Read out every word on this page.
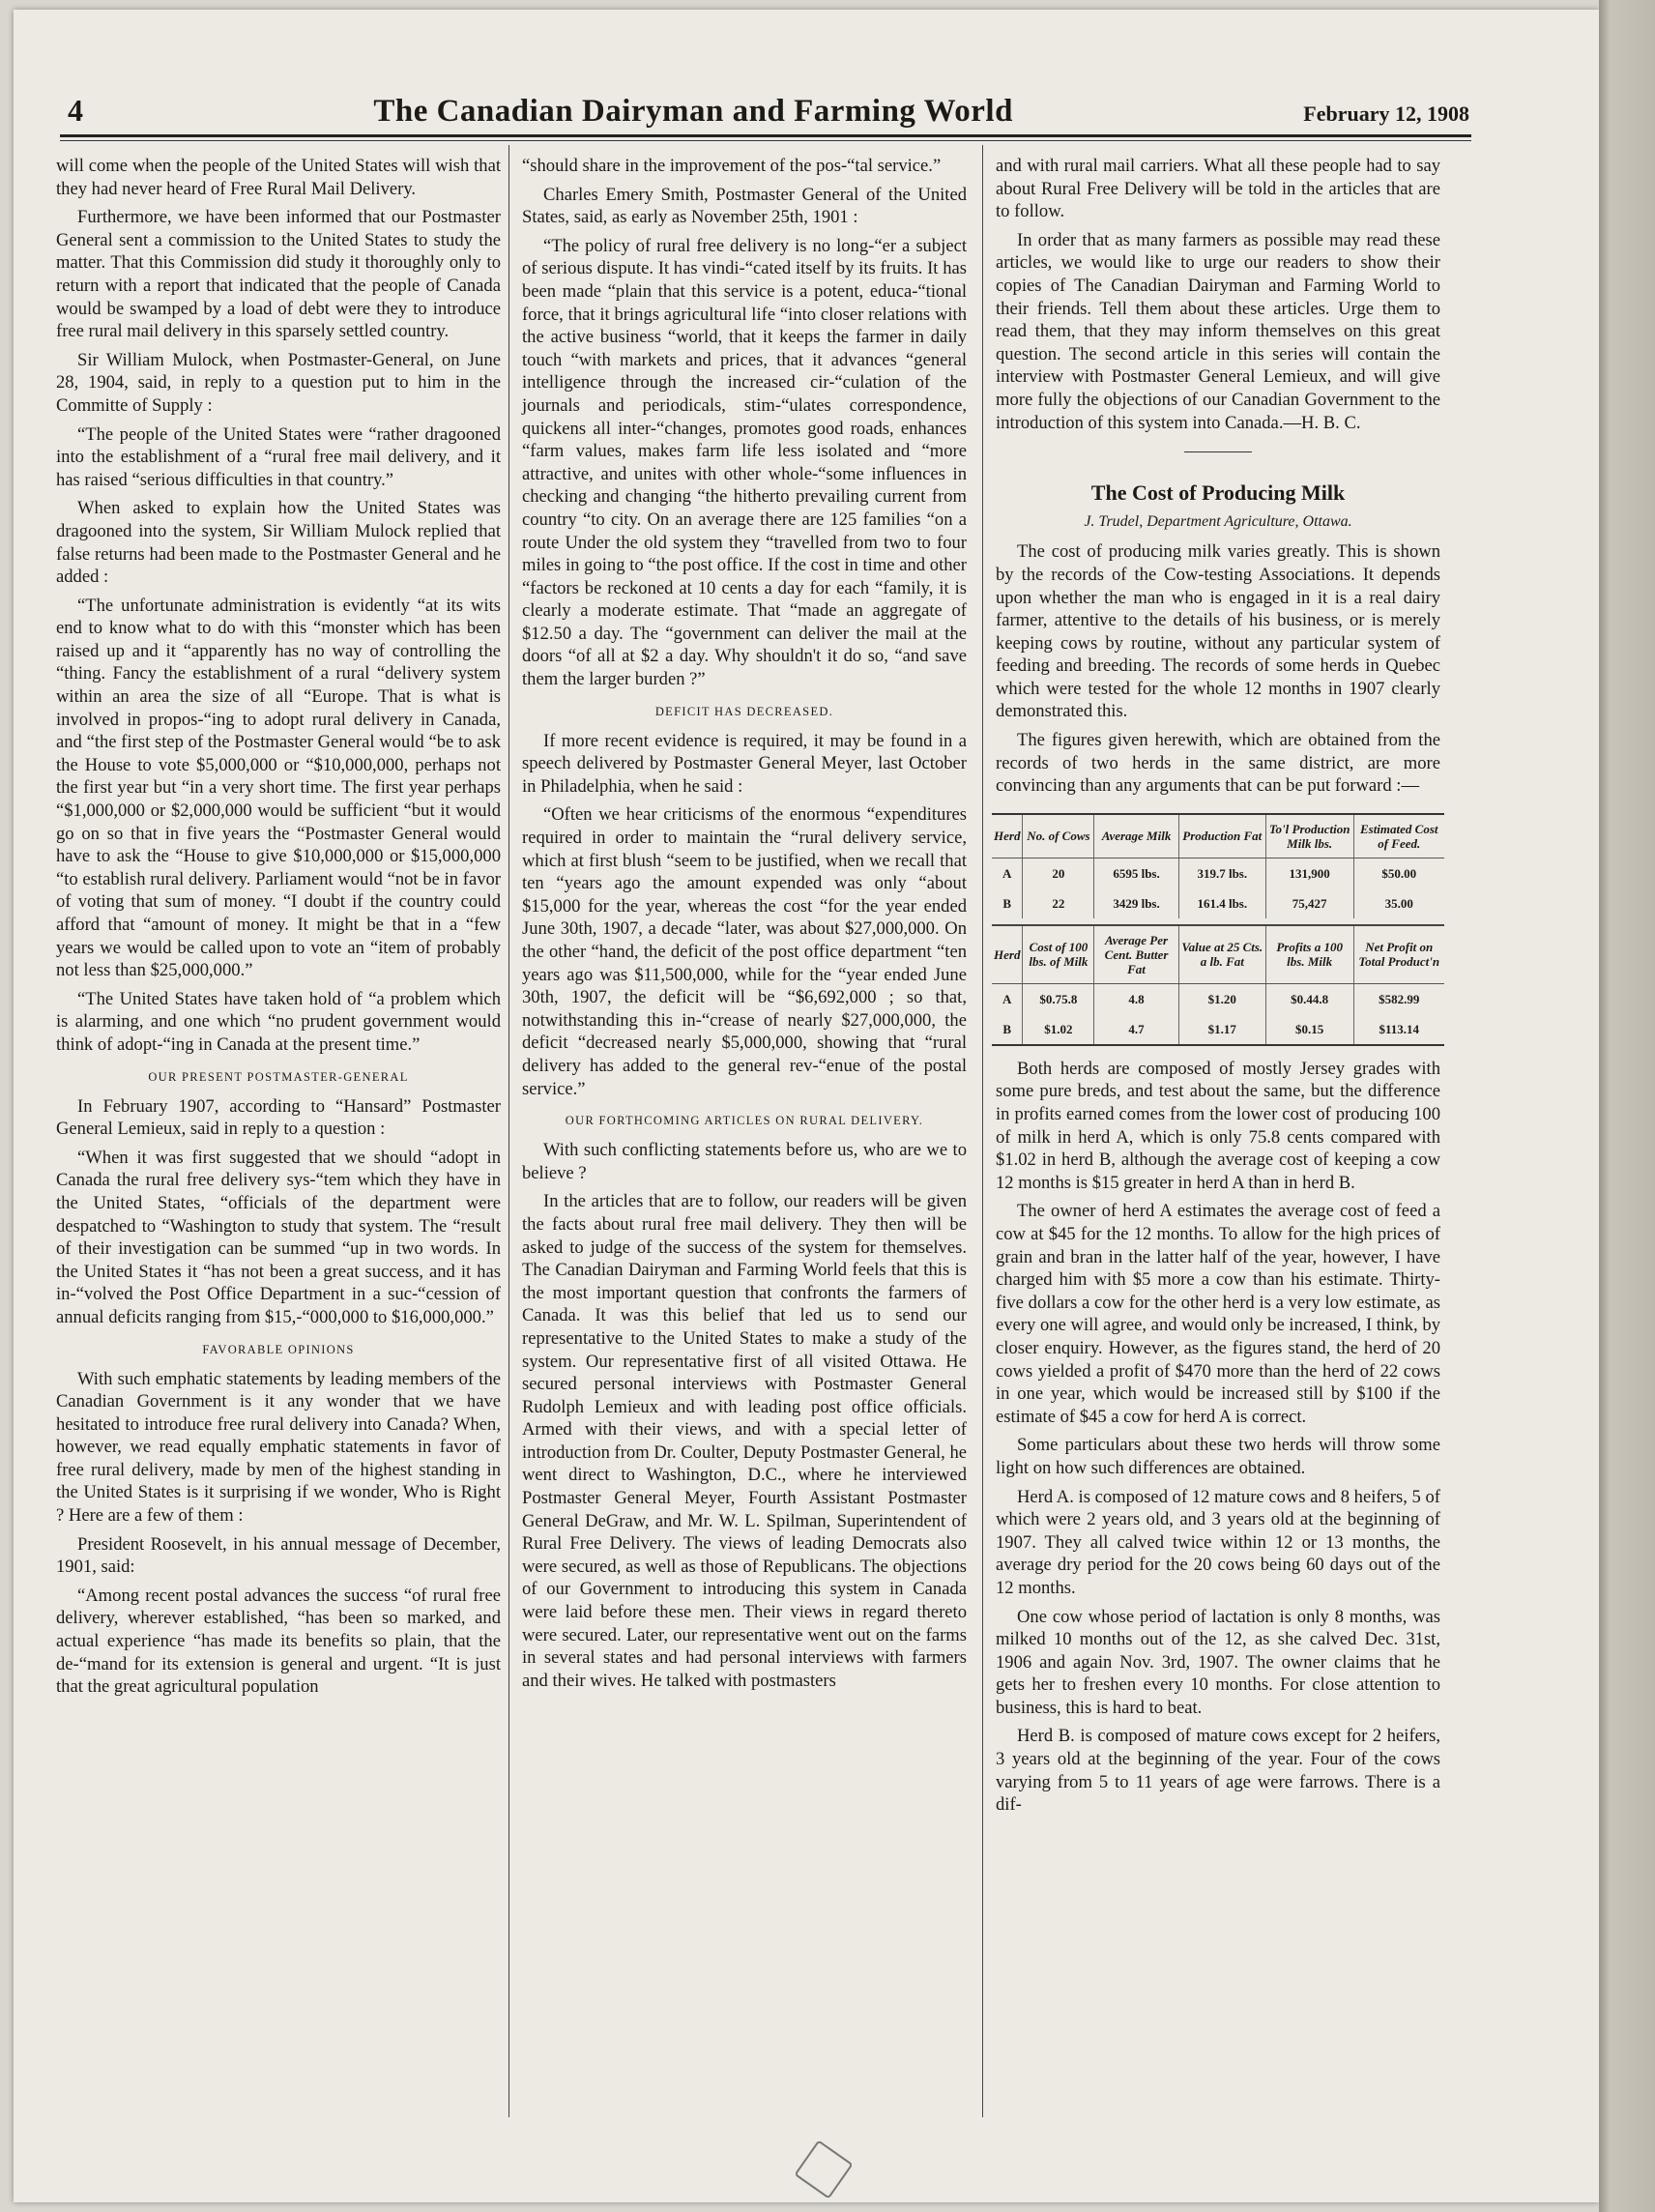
4	The Canadian Dairyman and Farming World	February 12, 1908

will come when the people of the United States will wish that they had never heard of Free Rural Mail Delivery.

Furthermore, we have been informed that our Postmaster General sent a commission to the United States to study the matter. That this Commission did study it thoroughly only to return with a report that indicated that the people of Canada would be swamped by a load of debt were they to introduce free rural mail delivery in this sparsely settled country.

Sir William Mulock, when Postmaster-General, on June 28, 1904, said, in reply to a question put to him in the Committe of Supply :

“The people of the United States were “rather dragooned into the establishment of a “rural free mail delivery, and it has raised “serious difficulties in that country.”

When asked to explain how the United States was dragooned into the system, Sir William Mulock replied that false returns had been made to the Postmaster General and he added :

“The unfortunate administration is evidently “at its wits end to know what to do with this “monster which has been raised up and it “apparently has no way of controlling the “thing. Fancy the establishment of a rural “delivery system within an area the size of all “Europe. That is what is involved in propos-“ing to adopt rural delivery in Canada, and “the first step of the Postmaster General would “be to ask the House to vote $5,000,000 or “$10,000,000, perhaps not the first year but “in a very short time. The first year perhaps “$1,000,000 or $2,000,000 would be sufficient “but it would go on so that in five years the “Postmaster General would have to ask the “House to give $10,000,000 or $15,000,000 “to establish rural delivery. Parliament would “not be in favor of voting that sum of money. “I doubt if the country could afford that “amount of money. It might be that in a “few years we would be called upon to vote an “item of probably not less than $25,000,000.”

“The United States have taken hold of “a problem which is alarming, and one which “no prudent government would think of adopt-“ing in Canada at the present time.”

OUR PRESENT POSTMASTER-GENERAL

In February 1907, according to “Hansard” Postmaster General Lemieux, said in reply to a question :

“When it was first suggested that we should “adopt in Canada the rural free delivery sys-“tem which they have in the United States, “officials of the department were despatched to “Washington to study that system. The “result of their investigation can be summed “up in two words. In the United States it “has not been a great success, and it has in-“volved the Post Office Department in a suc-“cession of annual deficits ranging from $15,-“000,000 to $16,000,000.”

FAVORABLE OPINIONS

With such emphatic statements by leading members of the Canadian Government is it any wonder that we have hesitated to introduce free rural delivery into Canada? When, however, we read equally emphatic statements in favor of free rural delivery, made by men of the highest standing in the United States is it surprising if we wonder, Who is Right ? Here are a few of them :

President Roosevelt, in his annual message of December, 1901, said:

“Among recent postal advances the success “of rural free delivery, wherever established, “has been so marked, and actual experience “has made its benefits so plain, that the de-“mand for its extension is general and urgent. “It is just that the great agricultural population

“should share in the improvement of the pos-“tal service.”

Charles Emery Smith, Postmaster General of the United States, said, as early as November 25th, 1901 :

“The policy of rural free delivery is no long-“er a subject of serious dispute. It has vindi-“cated itself by its fruits. It has been made “plain that this service is a potent, educa-“tional force, that it brings agricultural life “into closer relations with the active business “world, that it keeps the farmer in daily touch “with markets and prices, that it advances “general intelligence through the increased cir-“culation of the journals and periodicals, stim-“ulates correspondence, quickens all inter-“changes, promotes good roads, enhances “farm values, makes farm life less isolated and “more attractive, and unites with other whole-“some influences in checking and changing “the hitherto prevailing current from country “to city. On an average there are 125 families “on a route Under the old system they “travelled from two to four miles in going to “the post office. If the cost in time and other “factors be reckoned at 10 cents a day for each “family, it is clearly a moderate estimate. That “made an aggregate of $12.50 a day. The “government can deliver the mail at the doors “of all at $2 a day. Why shouldn't it do so, “and save them the larger burden ?”

DEFICIT HAS DECREASED.

If more recent evidence is required, it may be found in a speech delivered by Postmaster General Meyer, last October in Philadelphia, when he said :

“Often we hear criticisms of the enormous “expenditures required in order to maintain the “rural delivery service, which at first blush “seem to be justified, when we recall that ten “years ago the amount expended was only “about $15,000 for the year, whereas the cost “for the year ended June 30th, 1907, a decade “later, was about $27,000,000. On the other “hand, the deficit of the post office department “ten years ago was $11,500,000, while for the “year ended June 30th, 1907, the deficit will be “$6,692,000 ; so that, notwithstanding this in-“crease of nearly $27,000,000, the deficit “decreased nearly $5,000,000, showing that “rural delivery has added to the general rev-“enue of the postal service.”

OUR FORTHCOMING ARTICLES ON RURAL DELIVERY.

With such conflicting statements before us, who are we to believe ?

In the articles that are to follow, our readers will be given the facts about rural free mail delivery. They then will be asked to judge of the success of the system for themselves. The Canadian Dairyman and Farming World feels that this is the most important question that confronts the farmers of Canada. It was this belief that led us to send our representative to the United States to make a study of the system. Our representative first of all visited Ottawa. He secured personal interviews with Postmaster General Rudolph Lemieux and with leading post office officials. Armed with their views, and with a special letter of introduction from Dr. Coulter, Deputy Postmaster General, he went direct to Washington, D.C., where he interviewed Postmaster General Meyer, Fourth Assistant Postmaster General DeGraw, and Mr. W. L. Spilman, Superintendent of Rural Free Delivery. The views of leading Democrats also were secured, as well as those of Republicans. The objections of our Government to introducing this system in Canada were laid before these men. Their views in regard thereto were secured. Later, our representative went out on the farms in several states and had personal interviews with farmers and their wives. He talked with postmasters

and with rural mail carriers. What all these people had to say about Rural Free Delivery will be told in the articles that are to follow.

In order that as many farmers as possible may read these articles, we would like to urge our readers to show their copies of The Canadian Dairyman and Farming World to their friends. Tell them about these articles. Urge them to read them, that they may inform themselves on this great question. The second article in this series will contain the interview with Postmaster General Lemieux, and will give more fully the objections of our Canadian Government to the introduction of this system into Canada.—H. B. C.

The Cost of Producing Milk
J. Trudel, Department Agriculture, Ottawa.

The cost of producing milk varies greatly. This is shown by the records of the Cow-testing Associations. It depends upon whether the man who is engaged in it is a real dairy farmer, attentive to the details of his business, or is merely keeping cows by routine, without any particular system of feeding and breeding. The records of some herds in Quebec which were tested for the whole 12 months in 1907 clearly demonstrated this.

The figures given herewith, which are obtained from the records of two herds in the same district, are more convincing than any arguments that can be put forward :—

Herd	No. of Cows	Average Milk	Production Fat	To'l Production Milk lbs.	Estimated Cost of Feed.
A	20	6595 lbs.	319.7 lbs.	131,900	$50.00
B	22	3429 lbs.	161.4 lbs.	75,427	35.00

Herd	Cost of 100 lbs. of Milk	Average Per Cent. Butter Fat	Value at 25 Cts. a lb. Fat	Profits a 100 lbs. Milk	Net Profit on Total Product'n
A	$0.75.8	4.8	$1.20	$0.44.8	$582.99
B	$1.02	4.7	$1.17	$0.15	$113.14

Both herds are composed of mostly Jersey grades with some pure breds, and test about the same, but the difference in profits earned comes from the lower cost of producing 100 of milk in herd A, which is only 75.8 cents compared with $1.02 in herd B, although the average cost of keeping a cow 12 months is $15 greater in herd A than in herd B.

The owner of herd A estimates the average cost of feed a cow at $45 for the 12 months. To allow for the high prices of grain and bran in the latter half of the year, however, I have charged him with $5 more a cow than his estimate. Thirty-five dollars a cow for the other herd is a very low estimate, as every one will agree, and would only be increased, I think, by closer enquiry. However, as the figures stand, the herd of 20 cows yielded a profit of $470 more than the herd of 22 cows in one year, which would be increased still by $100 if the estimate of $45 a cow for herd A is correct.

Some particulars about these two herds will throw some light on how such differences are obtained.

Herd A. is composed of 12 mature cows and 8 heifers, 5 of which were 2 years old, and 3 years old at the beginning of 1907. They all calved twice within 12 or 13 months, the average dry period for the 20 cows being 60 days out of the 12 months.

One cow whose period of lactation is only 8 months, was milked 10 months out of the 12, as she calved Dec. 31st, 1906 and again Nov. 3rd, 1907. The owner claims that he gets her to freshen every 10 months. For close attention to business, this is hard to beat.

Herd B. is composed of mature cows except for 2 heifers, 3 years old at the beginning of the year. Four of the cows varying from 5 to 11 years of age were farrows. There is a dif-
